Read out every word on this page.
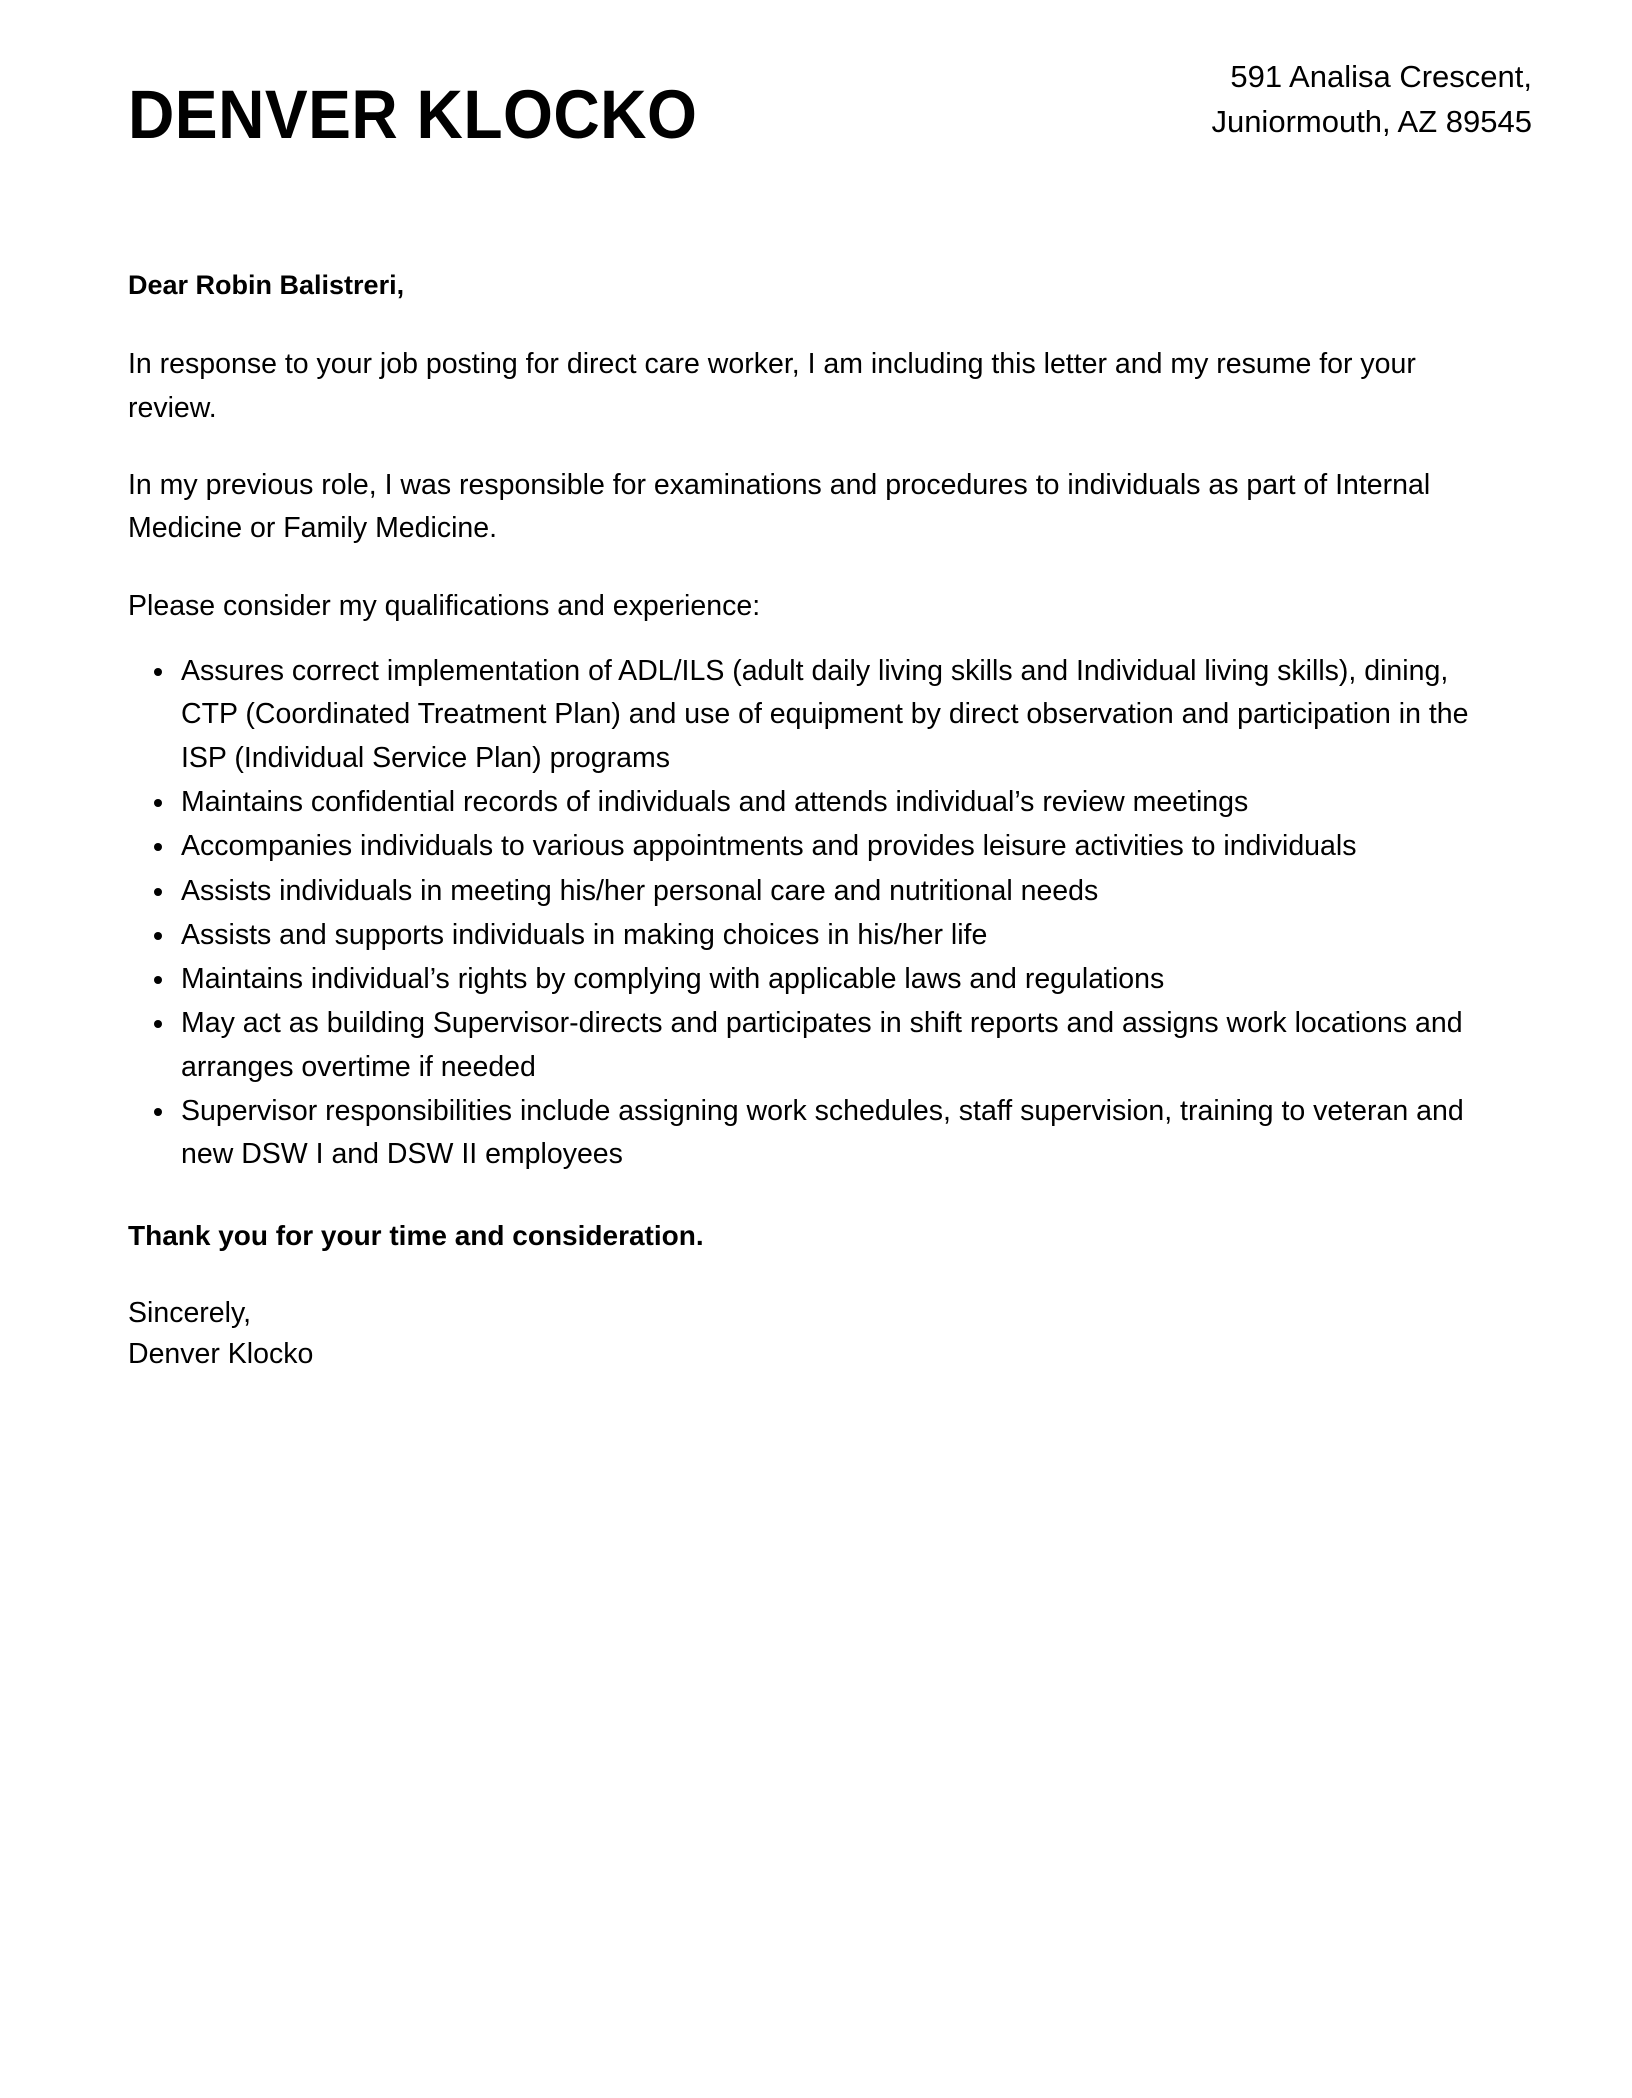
DENVER KLOCKO	591 Analisa Crescent,
Juniormouth, AZ 89545

Dear Robin Balistreri,

In response to your job posting for direct care worker, I am including this letter and my resume for your review.

In my previous role, I was responsible for examinations and procedures to individuals as part of Internal Medicine or Family Medicine.

Please consider my qualifications and experience:

Assures correct implementation of ADL/ILS (adult daily living skills and Individual living skills), dining, CTP (Coordinated Treatment Plan) and use of equipment by direct observation and participation in the ISP (Individual Service Plan) programs
Maintains confidential records of individuals and attends individual’s review meetings
Accompanies individuals to various appointments and provides leisure activities to individuals
Assists individuals in meeting his/her personal care and nutritional needs
Assists and supports individuals in making choices in his/her life
Maintains individual’s rights by complying with applicable laws and regulations
May act as building Supervisor-directs and participates in shift reports and assigns work locations and arranges overtime if needed
Supervisor responsibilities include assigning work schedules, staff supervision, training to veteran and new DSW I and DSW II employees

Thank you for your time and consideration.

Sincerely,
Denver Klocko
